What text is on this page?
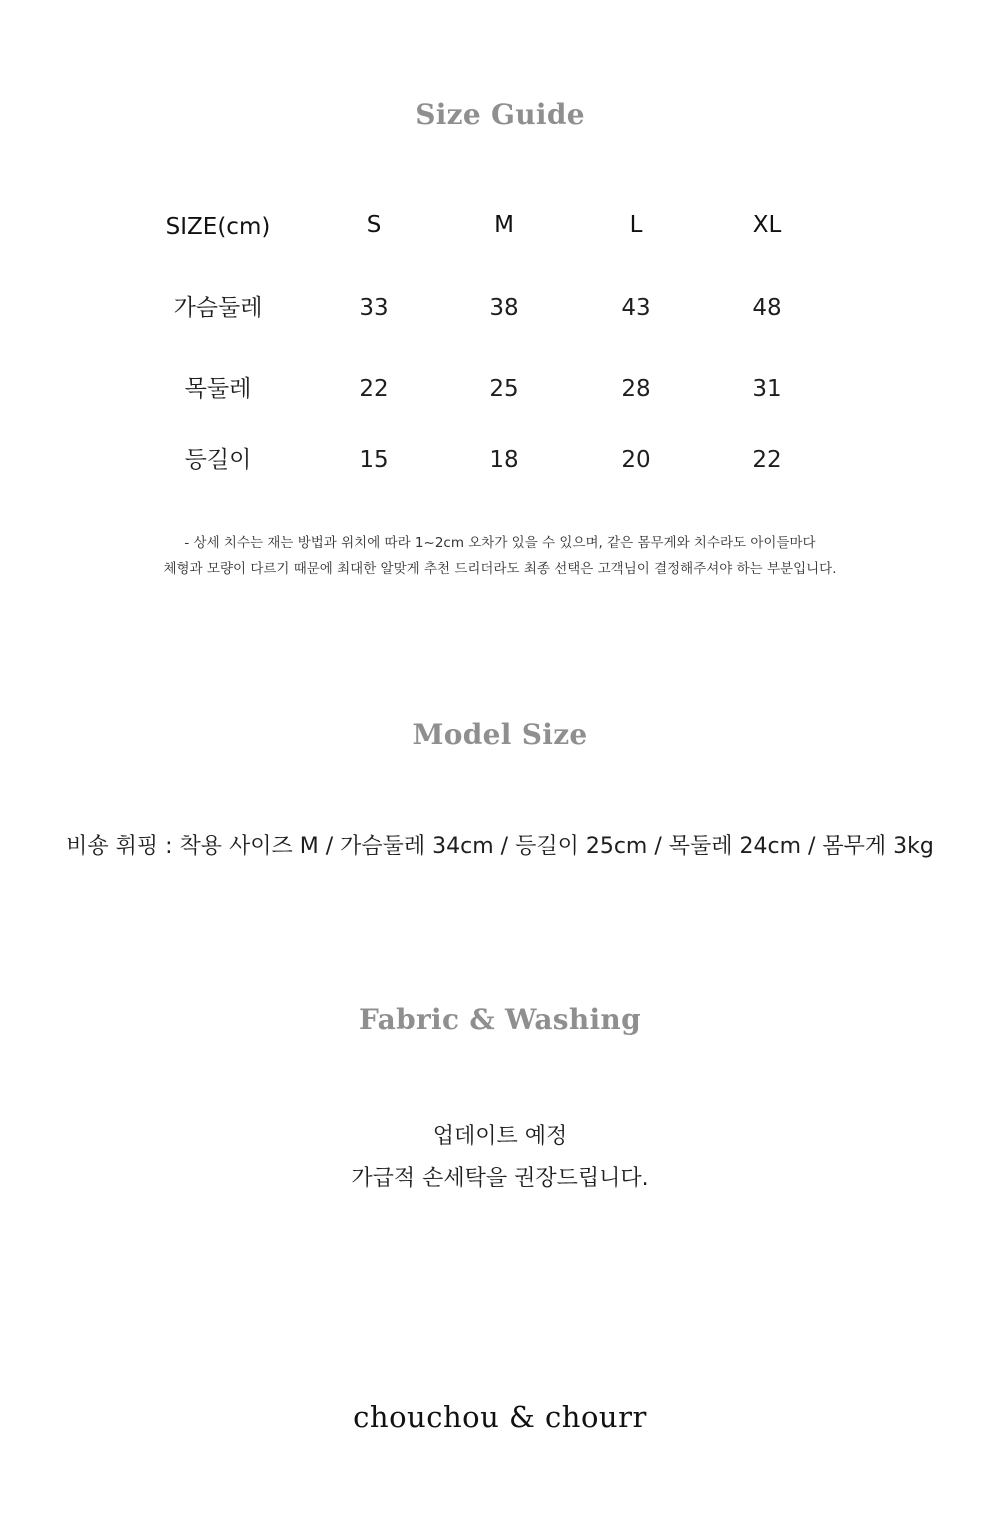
Size Guide
SIZE(cm)	S	M	L	XL
가슴둘레	33	38	43	48
목둘레	22	25	28	31
등길이	15	18	20	22
- 상세 치수는 재는 방법과 위치에 따라 1~2cm 오차가 있을 수 있으며, 같은 몸무게와 치수라도 아이들마다
체형과 모량이 다르기 때문에 최대한 알맞게 추천 드리더라도 최종 선택은 고객님이 결정해주셔야 하는 부분입니다.
Model Size
비숑 휘핑 : 착용 사이즈 M / 가슴둘레 34cm / 등길이 25cm / 목둘레 24cm / 몸무게 3kg
Fabric & Washing
업데이트 예정
가급적 손세탁을 권장드립니다.
chouchou & chourr
